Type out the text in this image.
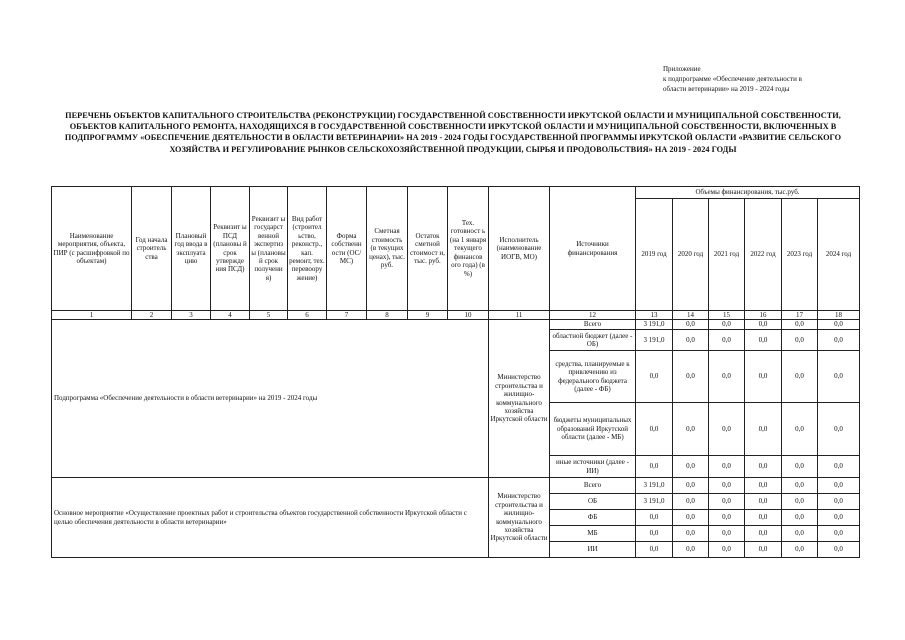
Приложение
к подпрограмме «Обеспечение деятельности в
области ветеринарии» на 2019 - 2024 годы
ПЕРЕЧЕНЬ ОБЪЕКТОВ КАПИТАЛЬНОГО СТРОИТЕЛЬСТВА (РЕКОНСТРУКЦИИ) ГОСУДАРСТВЕННОЙ СОБСТВЕННОСТИ ИРКУТСКОЙ ОБЛАСТИ И МУНИЦИПАЛЬНОЙ СОБСТВЕННОСТИ, ОБЪЕКТОВ КАПИТАЛЬНОГО РЕМОНТА, НАХОДЯЩИХСЯ В ГОСУДАРСТВЕННОЙ СОБСТВЕННОСТИ ИРКУТСКОЙ ОБЛАСТИ И МУНИЦИПАЛЬНОЙ СОБСТВЕННОСТИ, ВКЛЮЧЕННЫХ В ПОДПРОГРАММУ «ОБЕСПЕЧЕНИЕ ДЕЯТЕЛЬНОСТИ В ОБЛАСТИ ВЕТЕРИНАРИИ» НА 2019 - 2024 ГОДЫ ГОСУДАРСТВЕННОЙ ПРОГРАММЫ ИРКУТСКОЙ ОБЛАСТИ «РАЗВИТИЕ СЕЛЬСКОГО ХОЗЯЙСТВА И РЕГУЛИРОВАНИЕ РЫНКОВ СЕЛЬСКОХОЗЯЙСТВЕННОЙ ПРОДУКЦИИ, СЫРЬЯ И ПРОДОВОЛЬСТВИЯ» НА 2019 - 2024 ГОДЫ
Наименование мероприятия, объекта, ПИР (с расшифровкой по объектам)	Год начала строитель ства	Плановый год ввода в эксплуата цию	Реквизит ы ПСД (плановы й срок утвержде ния ПСД)	Реквизит ы государст венной экспертиз ы (плановы й срок получени я)	Вид работ (строител ьство, реконстр., кап. ремонт, тех. перевоору жение)	Форма собственн ости (ОС/МС)	Сметная стоимость (в текущих ценах), тыс. руб.	Остаток сметной стоимост и, тыс. руб.	Тех. готовност ь (на 1 января текущего финансов ого года) (в %)	Исполнитель (наименование ИОГВ, МО)	Источники финансирования	Объемы финансирования, тыс.руб.					
												2019 год	2020 год	2021 год	2022 год	2023 год	2024 год
1	2	3	4	5	6	7	8	9	10	11	12	13	14	15	16	17	18
Подпрограмма «Обеспечение деятельности в области ветеринарии» на 2019 - 2024 годы										Министерство строительства и жилищно-коммунального хозяйства Иркутской области	Всего	3 191,0	0,0	0,0	0,0	0,0	0,0
											областной бюджет (далее - ОБ)	3 191,0	0,0	0,0	0,0	0,0	0,0
											средства, планируемые к привлечению из федерального бюджета (далее - ФБ)	0,0	0,0	0,0	0,0	0,0	0,0
											бюджеты муниципальных образований Иркутской области (далее - МБ)	0,0	0,0	0,0	0,0	0,0	0,0
											иные источники (далее - ИИ)	0,0	0,0	0,0	0,0	0,0	0,0
Основное мероприятие «Осуществление проектных работ и строительства объектов государственной собственности Иркутской области с целью обеспечения деятельности в области ветеринарии»										Министерство строительства и жилищно-коммунального хозяйства Иркутской области	Всего	3 191,0	0,0	0,0	0,0	0,0	0,0
											ОБ	3 191,0	0,0	0,0	0,0	0,0	0,0
											ФБ	0,0	0,0	0,0	0,0	0,0	0,0
											МБ	0,0	0,0	0,0	0,0	0,0	0,0
											ИИ	0,0	0,0	0,0	0,0	0,0	0,0
